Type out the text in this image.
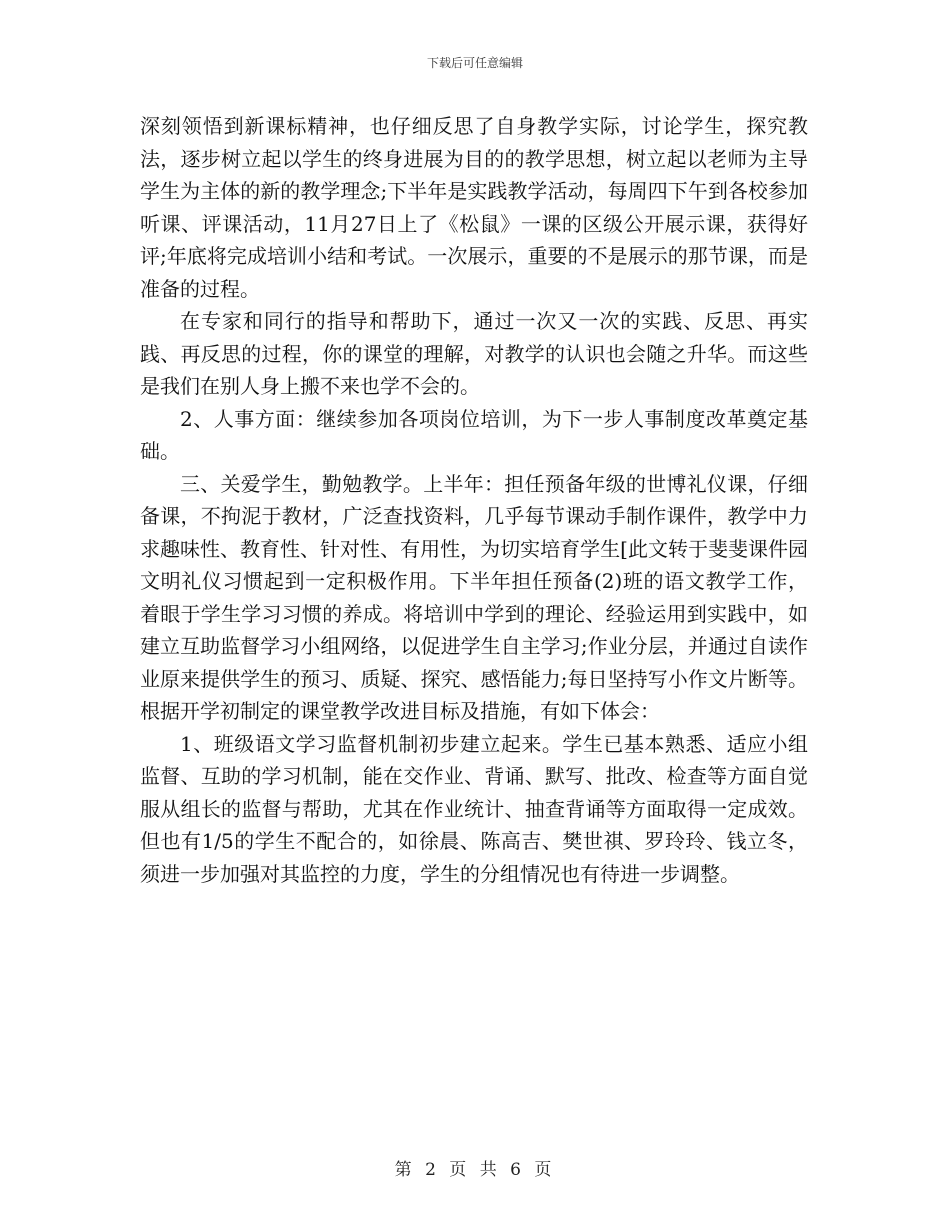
下载后可任意编辑

深刻领悟到新课标精神，也仔细反思了自身教学实际，讨论学生，探究教法，逐步树立起以学生的终身进展为目的的教学思想，树立起以老师为主导学生为主体的新的教学理念;下半年是实践教学活动，每周四下午到各校参加听课、评课活动，11月27日上了《松鼠》一课的区级公开展示课，获得好评;年底将完成培训小结和考试。一次展示，重要的不是展示的那节课，而是准备的过程。

在专家和同行的指导和帮助下，通过一次又一次的实践、反思、再实践、再反思的过程，你的课堂的理解，对教学的认识也会随之升华。而这些是我们在别人身上搬不来也学不会的。

2、人事方面：继续参加各项岗位培训，为下一步人事制度改革奠定基础。

三、关爱学生，勤勉教学。上半年：担任预备年级的世博礼仪课，仔细备课，不拘泥于教材，广泛查找资料，几乎每节课动手制作课件，教学中力求趣味性、教育性、针对性、有用性，为切实培育学生[此文转于斐斐课件园文明礼仪习惯起到一定积极作用。下半年担任预备(2)班的语文教学工作，着眼于学生学习习惯的养成。将培训中学到的理论、经验运用到实践中，如建立互助监督学习小组网络，以促进学生自主学习;作业分层，并通过自读作业原来提供学生的预习、质疑、探究、感悟能力;每日坚持写小作文片断等。根据开学初制定的课堂教学改进目标及措施，有如下体会：

1、班级语文学习监督机制初步建立起来。学生已基本熟悉、适应小组监督、互助的学习机制，能在交作业、背诵、默写、批改、检查等方面自觉服从组长的监督与帮助，尤其在作业统计、抽查背诵等方面取得一定成效。但也有1/5的学生不配合的，如徐晨、陈高吉、樊世祺、罗玲玲、钱立冬，须进一步加强对其监控的力度，学生的分组情况也有待进一步调整。

第 2 页 共 6 页
